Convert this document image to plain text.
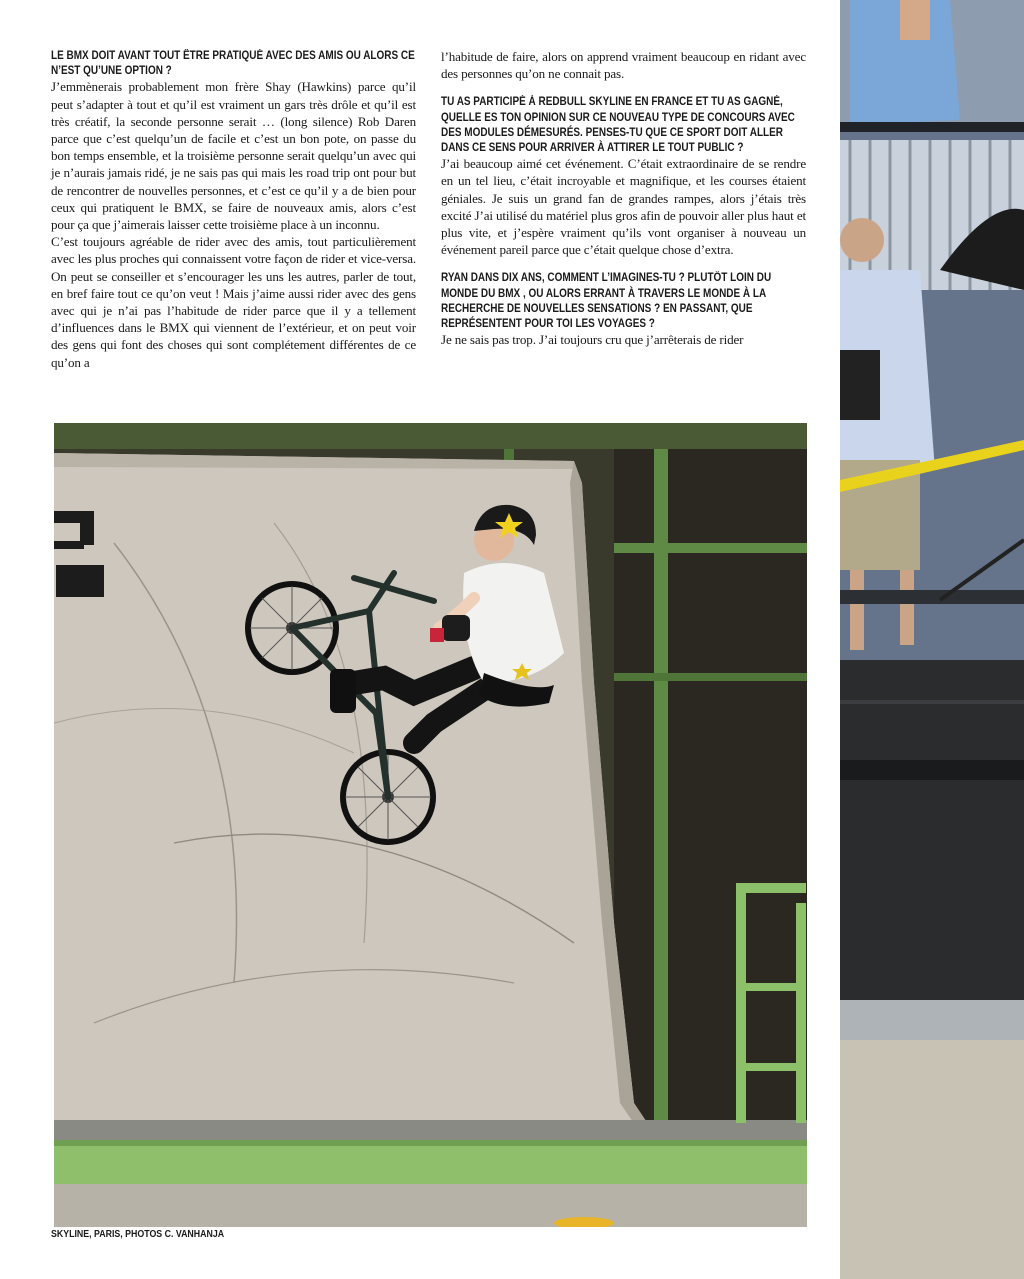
LE BMX DOIT AVANT TOUT ÊTRE PRATIQUÉ AVEC DES AMIS OU ALORS CE N’EST QU’UNE OPTION ?

J’emmènerais probablement mon frère Shay (Hawkins) parce qu’il peut s’adapter à tout et qu’il est vraiment un gars très drôle et qu’il est très créatif, la seconde personne serait … (long silence) Rob Daren parce que c’est quelqu’un de facile et c’est un bon pote, on passe du bon temps ensemble, et la troisième personne serait quelqu’un avec qui je n’aurais jamais ridé, je ne sais pas qui mais les road trip ont pour but de rencontrer de nouvelles personnes, et c’est ce qu’il y a de bien pour ceux qui pratiquent le BMX, se faire de nouveaux amis, alors c’est pour ça que j’aimerais laisser cette troisième place à un inconnu.

C’est toujours agréable de rider avec des amis, tout particulièrement avec les plus proches qui connaissent votre façon de rider et vice-versa. On peut se conseiller et s’encourager les uns les autres, parler de tout, en bref faire tout ce qu’on veut ! Mais j’aime aussi rider avec des gens avec qui je n’ai pas l’habitude de rider parce que il y a tellement d’influences dans le BMX qui viennent de l’extérieur, et on peut voir des gens qui font des choses qui sont complétement différentes de ce qu’on a

l’habitude de faire, alors on apprend vraiment beaucoup en ridant avec des personnes qu’on ne connait pas.

TU AS PARTICIPÉ À REDBULL SKYLINE EN FRANCE ET TU AS GAGNÉ, QUELLE ES TON OPINION SUR CE NOUVEAU TYPE DE CONCOURS AVEC DES MODULES DÉMESURÉS. PENSES-TU QUE CE SPORT DOIT ALLER DANS CE SENS POUR ARRIVER À ATTIRER LE TOUT PUBLIC ?

J’ai beaucoup aimé cet événement. C’était extraordinaire de se rendre en un tel lieu, c’était incroyable et magnifique, et les courses étaient géniales. Je suis un grand fan de grandes rampes, alors j’étais très excité J’ai utilisé du matériel plus gros afin de pouvoir aller plus haut et plus vite, et j’espère vraiment qu’ils vont organiser à nouveau un événement pareil parce que c’était quelque chose d’extra.

RYAN DANS DIX ANS, COMMENT L’IMAGINES-TU ? PLUTÔT LOIN DU MONDE DU BMX , OU ALORS ERRANT À TRAVERS LE MONDE À LA RECHERCHE DE NOUVELLES SENSATIONS ? EN PASSANT, QUE REPRÉSENTENT POUR TOI LES VOYAGES ?

Je ne sais pas trop. J’ai toujours cru que j’arrêterais de rider

SKYLINE, PARIS, PHOTOS C. VANHANJA
